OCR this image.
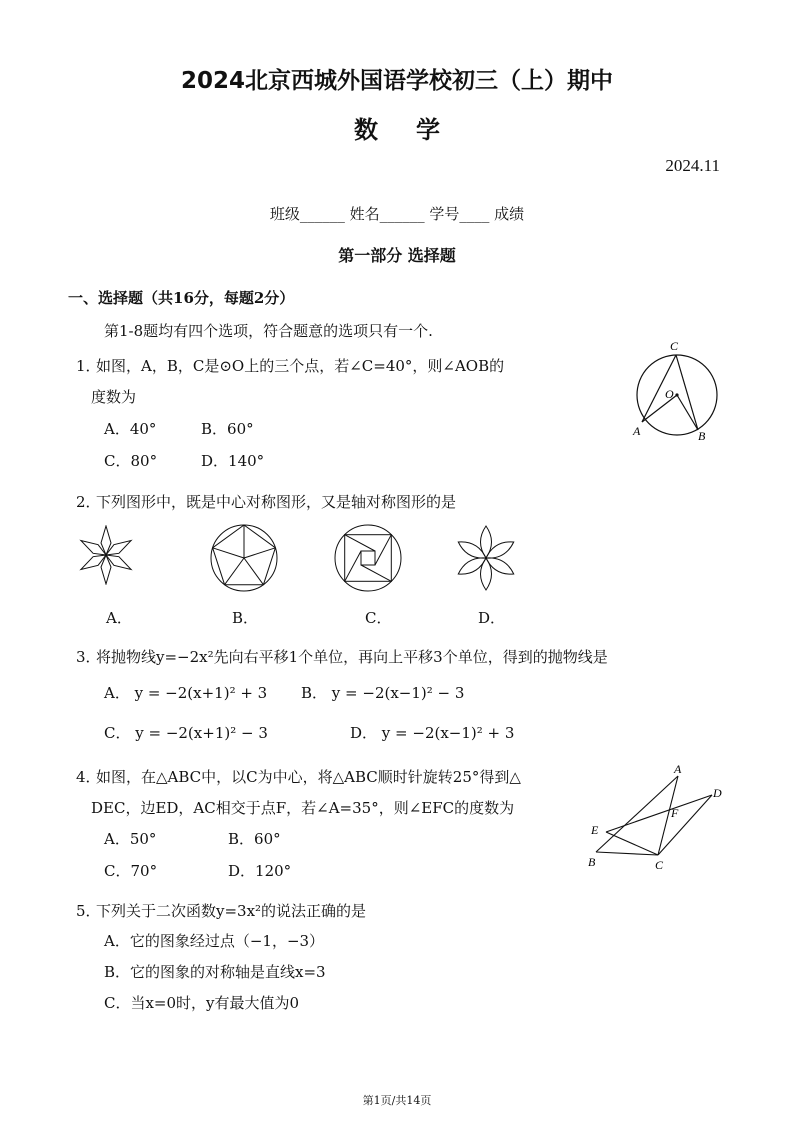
2024北京西城外国语学校初三（上）期中
数学
2024.11
班级______ 姓名______ 学号____ 成绩
第一部分 选择题
一、选择题（共16分，每题2分）
第1-8题均有四个选项，符合题意的选项只有一个.
1．
如图，A，B，C是⊙O上的三个点，若∠C=40°，则∠AOB的
度数为
A．40°	B．60°
C．80°	D．140°
C
O
A	B
2．
下列图形中，既是中心对称图形，又是轴对称图形的是
A．	B．	C．	D．
3．
将抛物线y=−2x²先向右平移1个单位，再向上平移3个单位，得到的抛物线是
A． y = −2(x+1)² + 3 B． y = −2(x−1)² − 3
C． y = −2(x+1)² − 3	D． y = −2(x−1)² + 3
4．
如图，在△ABC中，以C为中心，将△ABC顺时针旋转25°得到△
DEC，边ED，AC相交于点F，若∠A=35°，则∠EFC的度数为
A．50°	B．60°
C．70°	D．120°
A
D
E
F
B	C
5．
下列关于二次函数y=3x²的说法正确的是
A．它的图象经过点（−1，−3）
B．它的图象的对称轴是直线x=3
C．当x=0时，y有最大值为0
第1页/共14页
